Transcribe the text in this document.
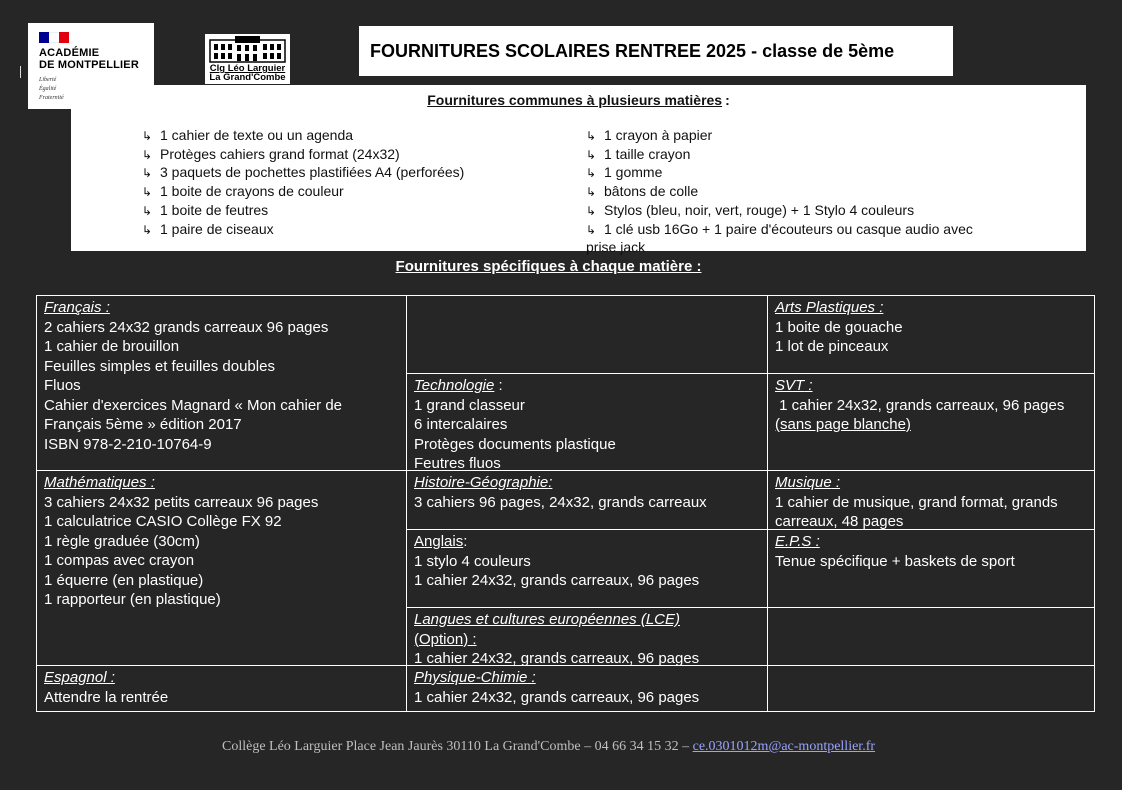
ACADÉMIE
DE MONTPELLIER
Liberté
Égalité
Fraternité
Clg Léo Larguier
La Grand'Combe
FOURNITURES SCOLAIRES RENTREE 2025 - classe de 5ème
Fournitures communes à plusieurs matières:
↳ 1 cahier de texte ou un agenda
↳ Protèges cahiers grand format (24x32)
↳ 3 paquets de pochettes plastifiées A4 (perforées)
↳ 1 boite de crayons de couleur
↳ 1 boite de feutres
↳ 1 paire de ciseaux
↳ 1 crayon à papier
↳ 1 taille crayon
↳ 1 gomme
↳ bâtons de colle
↳ Stylos (bleu, noir, vert, rouge) + 1 Stylo 4 couleurs
↳ 1 clé usb 16Go + 1 paire d'écouteurs ou casque audio avec prise jack
Fournitures spécifiques à chaque matière :
Français :
2 cahiers 24x32 grands carreaux 96 pages
1 cahier de brouillon
Feuilles simples et feuilles doubles
Fluos
Cahier d'exercices Magnard « Mon cahier de Français 5ème » édition 2017
ISBN 978-2-210-10764-9
Arts Plastiques :
1 boite de gouache
1 lot de pinceaux
Technologie :
1 grand classeur
6 intercalaires
Protèges documents plastique
Feutres fluos
SVT :
1 cahier 24x32, grands carreaux, 96 pages
(sans page blanche)
Mathématiques :
3 cahiers 24x32 petits carreaux 96 pages
1 calculatrice CASIO Collège FX 92
1 règle graduée (30cm)
1 compas avec crayon
1 équerre (en plastique)
1 rapporteur (en plastique)
Histoire-Géographie:
3 cahiers 96 pages, 24x32, grands carreaux
Musique :
1 cahier de musique, grand format, grands carreaux, 48 pages
Anglais:
1 stylo 4 couleurs
1 cahier 24x32, grands carreaux, 96 pages
E.P.S :
Tenue spécifique + baskets de sport
Langues et cultures européennes (LCE)
(Option) :
1 cahier 24x32, grands carreaux, 96 pages
Espagnol :
Attendre la rentrée
Physique-Chimie :
1 cahier 24x32, grands carreaux, 96 pages
Collège Léo Larguier Place Jean Jaurès 30110 La Grand'Combe – 04 66 34 15 32 – ce.0301012m@ac-montpellier.fr
